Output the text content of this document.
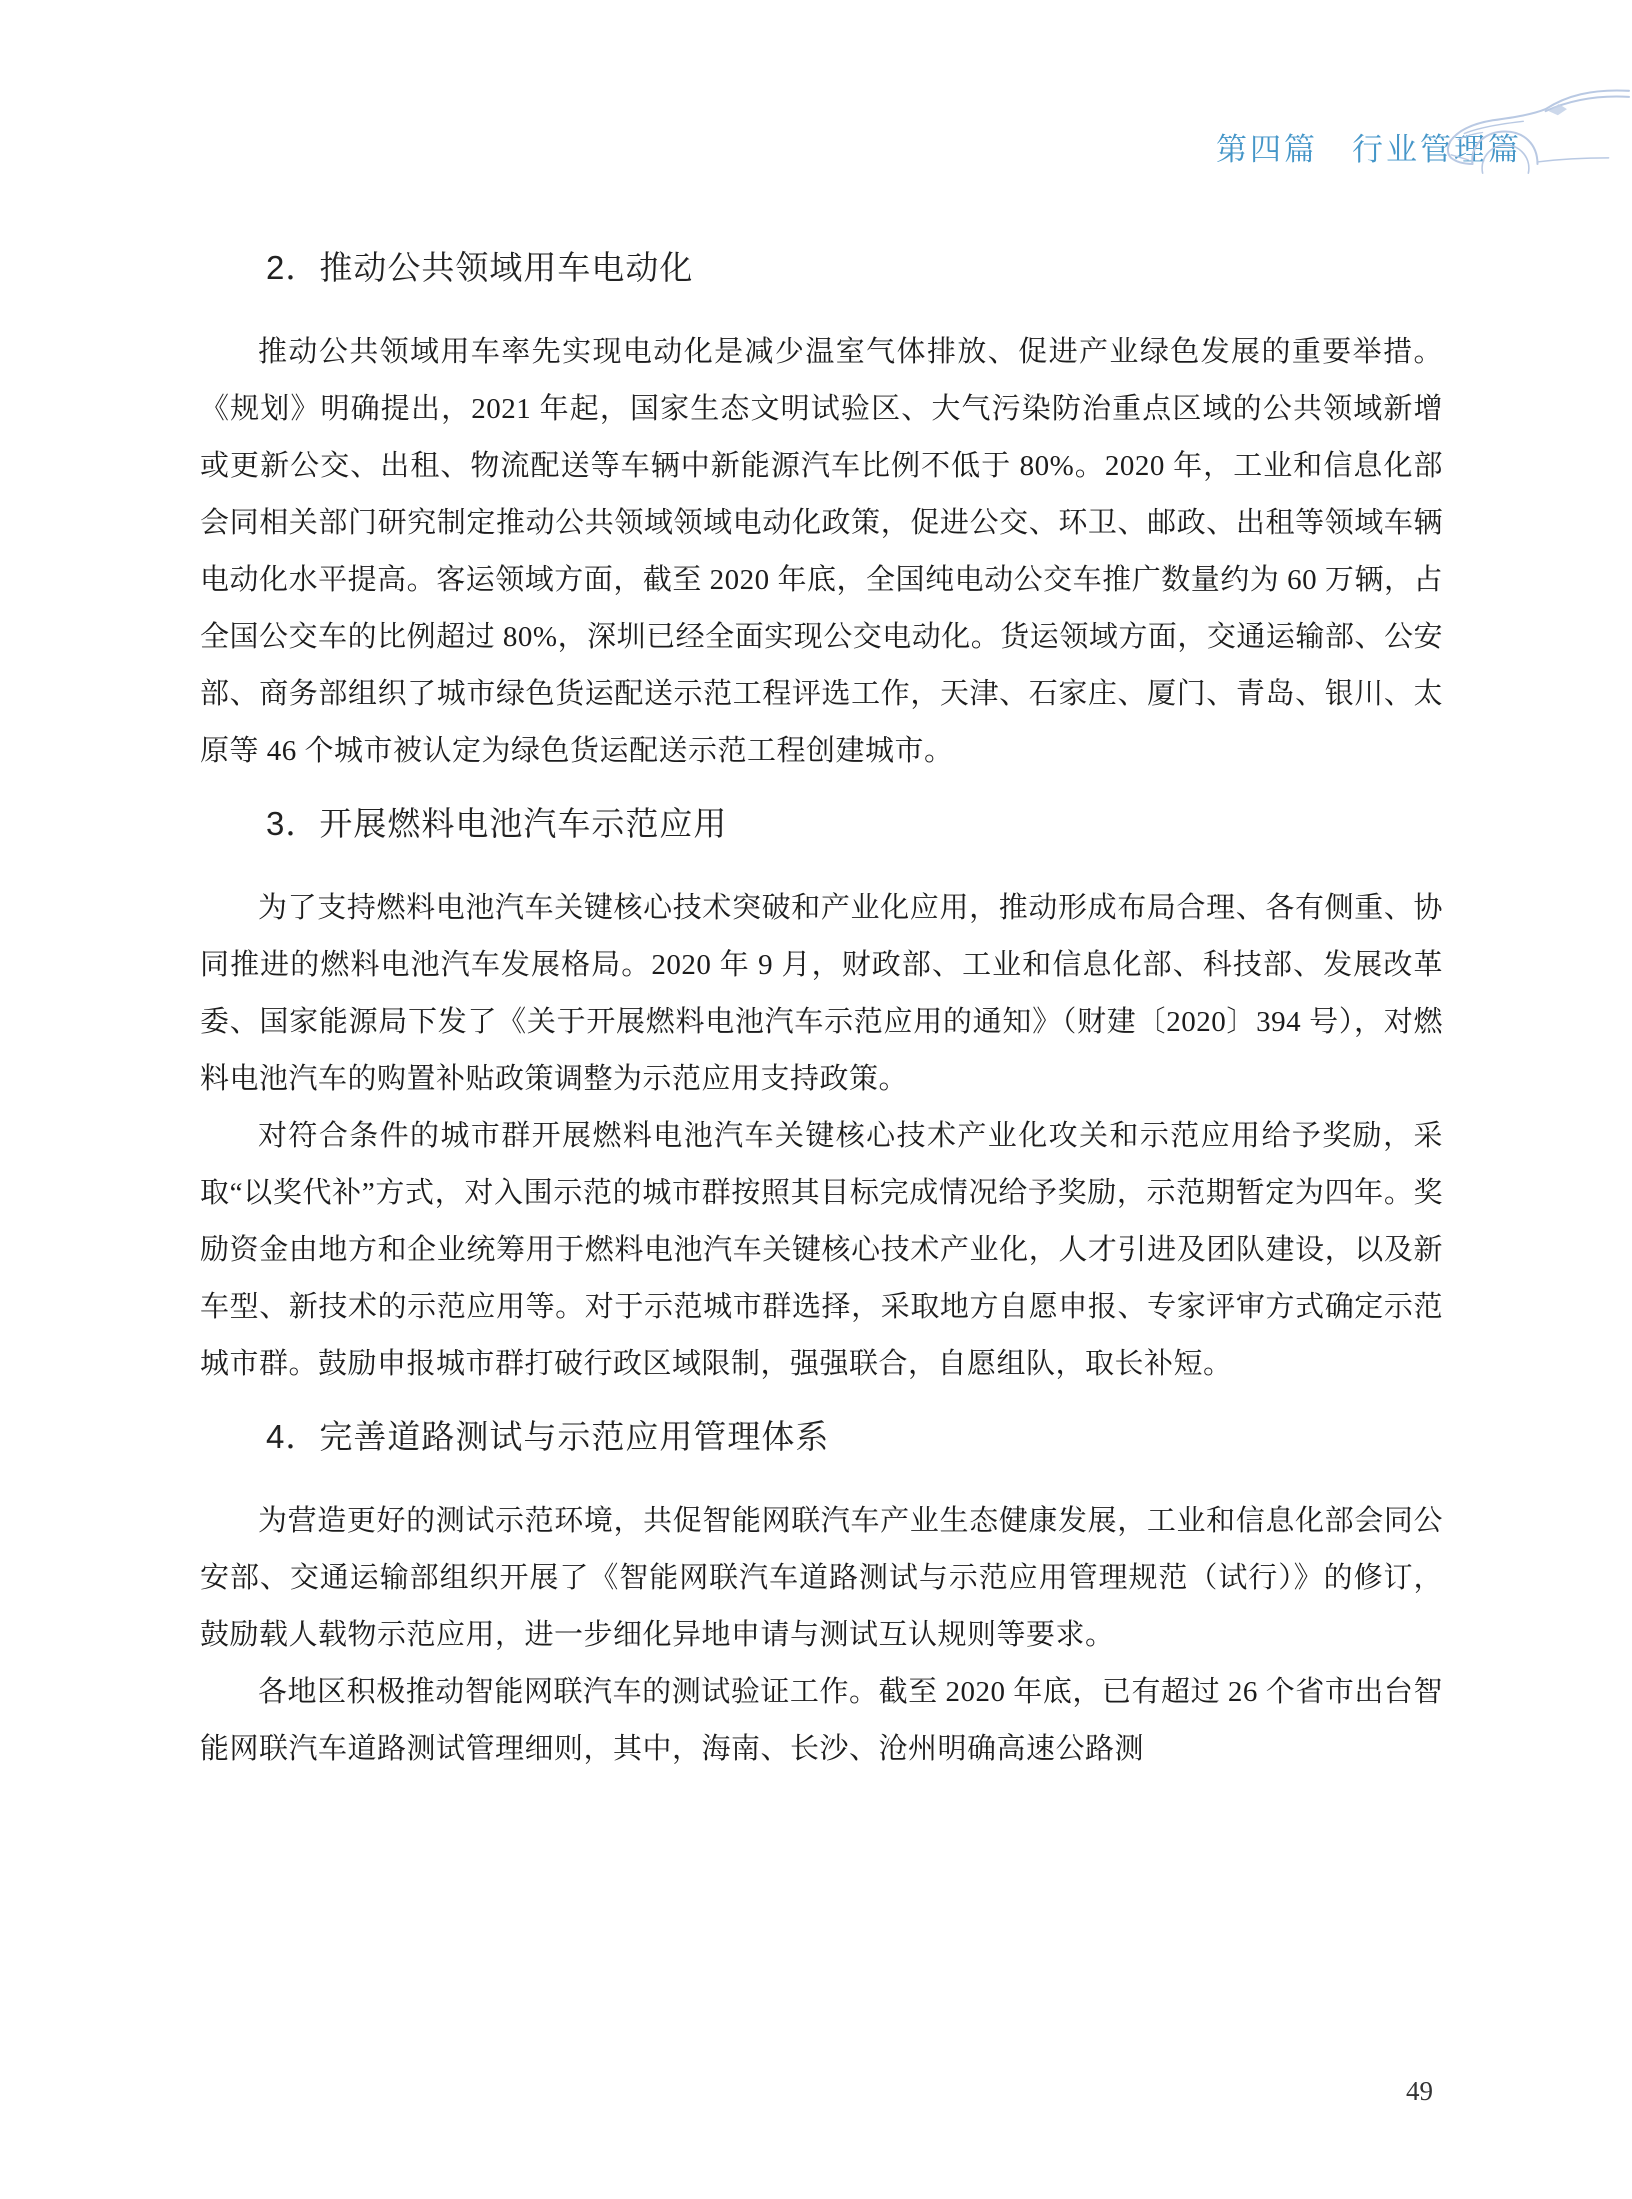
第四篇　行业管理篇
2．推动公共领域用车电动化

推动公共领域用车率先实现电动化是减少温室气体排放、促进产业绿色发展的重要举措。《规划》明确提出，2021 年起，国家生态文明试验区、大气污染防治重点区域的公共领域新增或更新公交、出租、物流配送等车辆中新能源汽车比例不低于 80%。2020 年，工业和信息化部会同相关部门研究制定推动公共领域领域电动化政策，促进公交、环卫、邮政、出租等领域车辆电动化水平提高。客运领域方面，截至 2020 年底，全国纯电动公交车推广数量约为 60 万辆，占全国公交车的比例超过 80%，深圳已经全面实现公交电动化。货运领域方面，交通运输部、公安部、商务部组织了城市绿色货运配送示范工程评选工作，天津、石家庄、厦门、青岛、银川、太原等 46 个城市被认定为绿色货运配送示范工程创建城市。

3．开展燃料电池汽车示范应用

为了支持燃料电池汽车关键核心技术突破和产业化应用，推动形成布局合理、各有侧重、协同推进的燃料电池汽车发展格局。2020 年 9 月，财政部、工业和信息化部、科技部、发展改革委、国家能源局下发了《关于开展燃料电池汽车示范应用的通知》（财建〔2020〕394 号），对燃料电池汽车的购置补贴政策调整为示范应用支持政策。

对符合条件的城市群开展燃料电池汽车关键核心技术产业化攻关和示范应用给予奖励，采取“以奖代补”方式，对入围示范的城市群按照其目标完成情况给予奖励，示范期暂定为四年。奖励资金由地方和企业统筹用于燃料电池汽车关键核心技术产业化，人才引进及团队建设，以及新车型、新技术的示范应用等。对于示范城市群选择，采取地方自愿申报、专家评审方式确定示范城市群。鼓励申报城市群打破行政区域限制，强强联合，自愿组队，取长补短。

4．完善道路测试与示范应用管理体系

为营造更好的测试示范环境，共促智能网联汽车产业生态健康发展，工业和信息化部会同公安部、交通运输部组织开展了《智能网联汽车道路测试与示范应用管理规范（试行）》的修订，鼓励载人载物示范应用，进一步细化异地申请与测试互认规则等要求。

各地区积极推动智能网联汽车的测试验证工作。截至 2020 年底，已有超过 26 个省市出台智能网联汽车道路测试管理细则，其中，海南、长沙、沧州明确高速公路测

49
